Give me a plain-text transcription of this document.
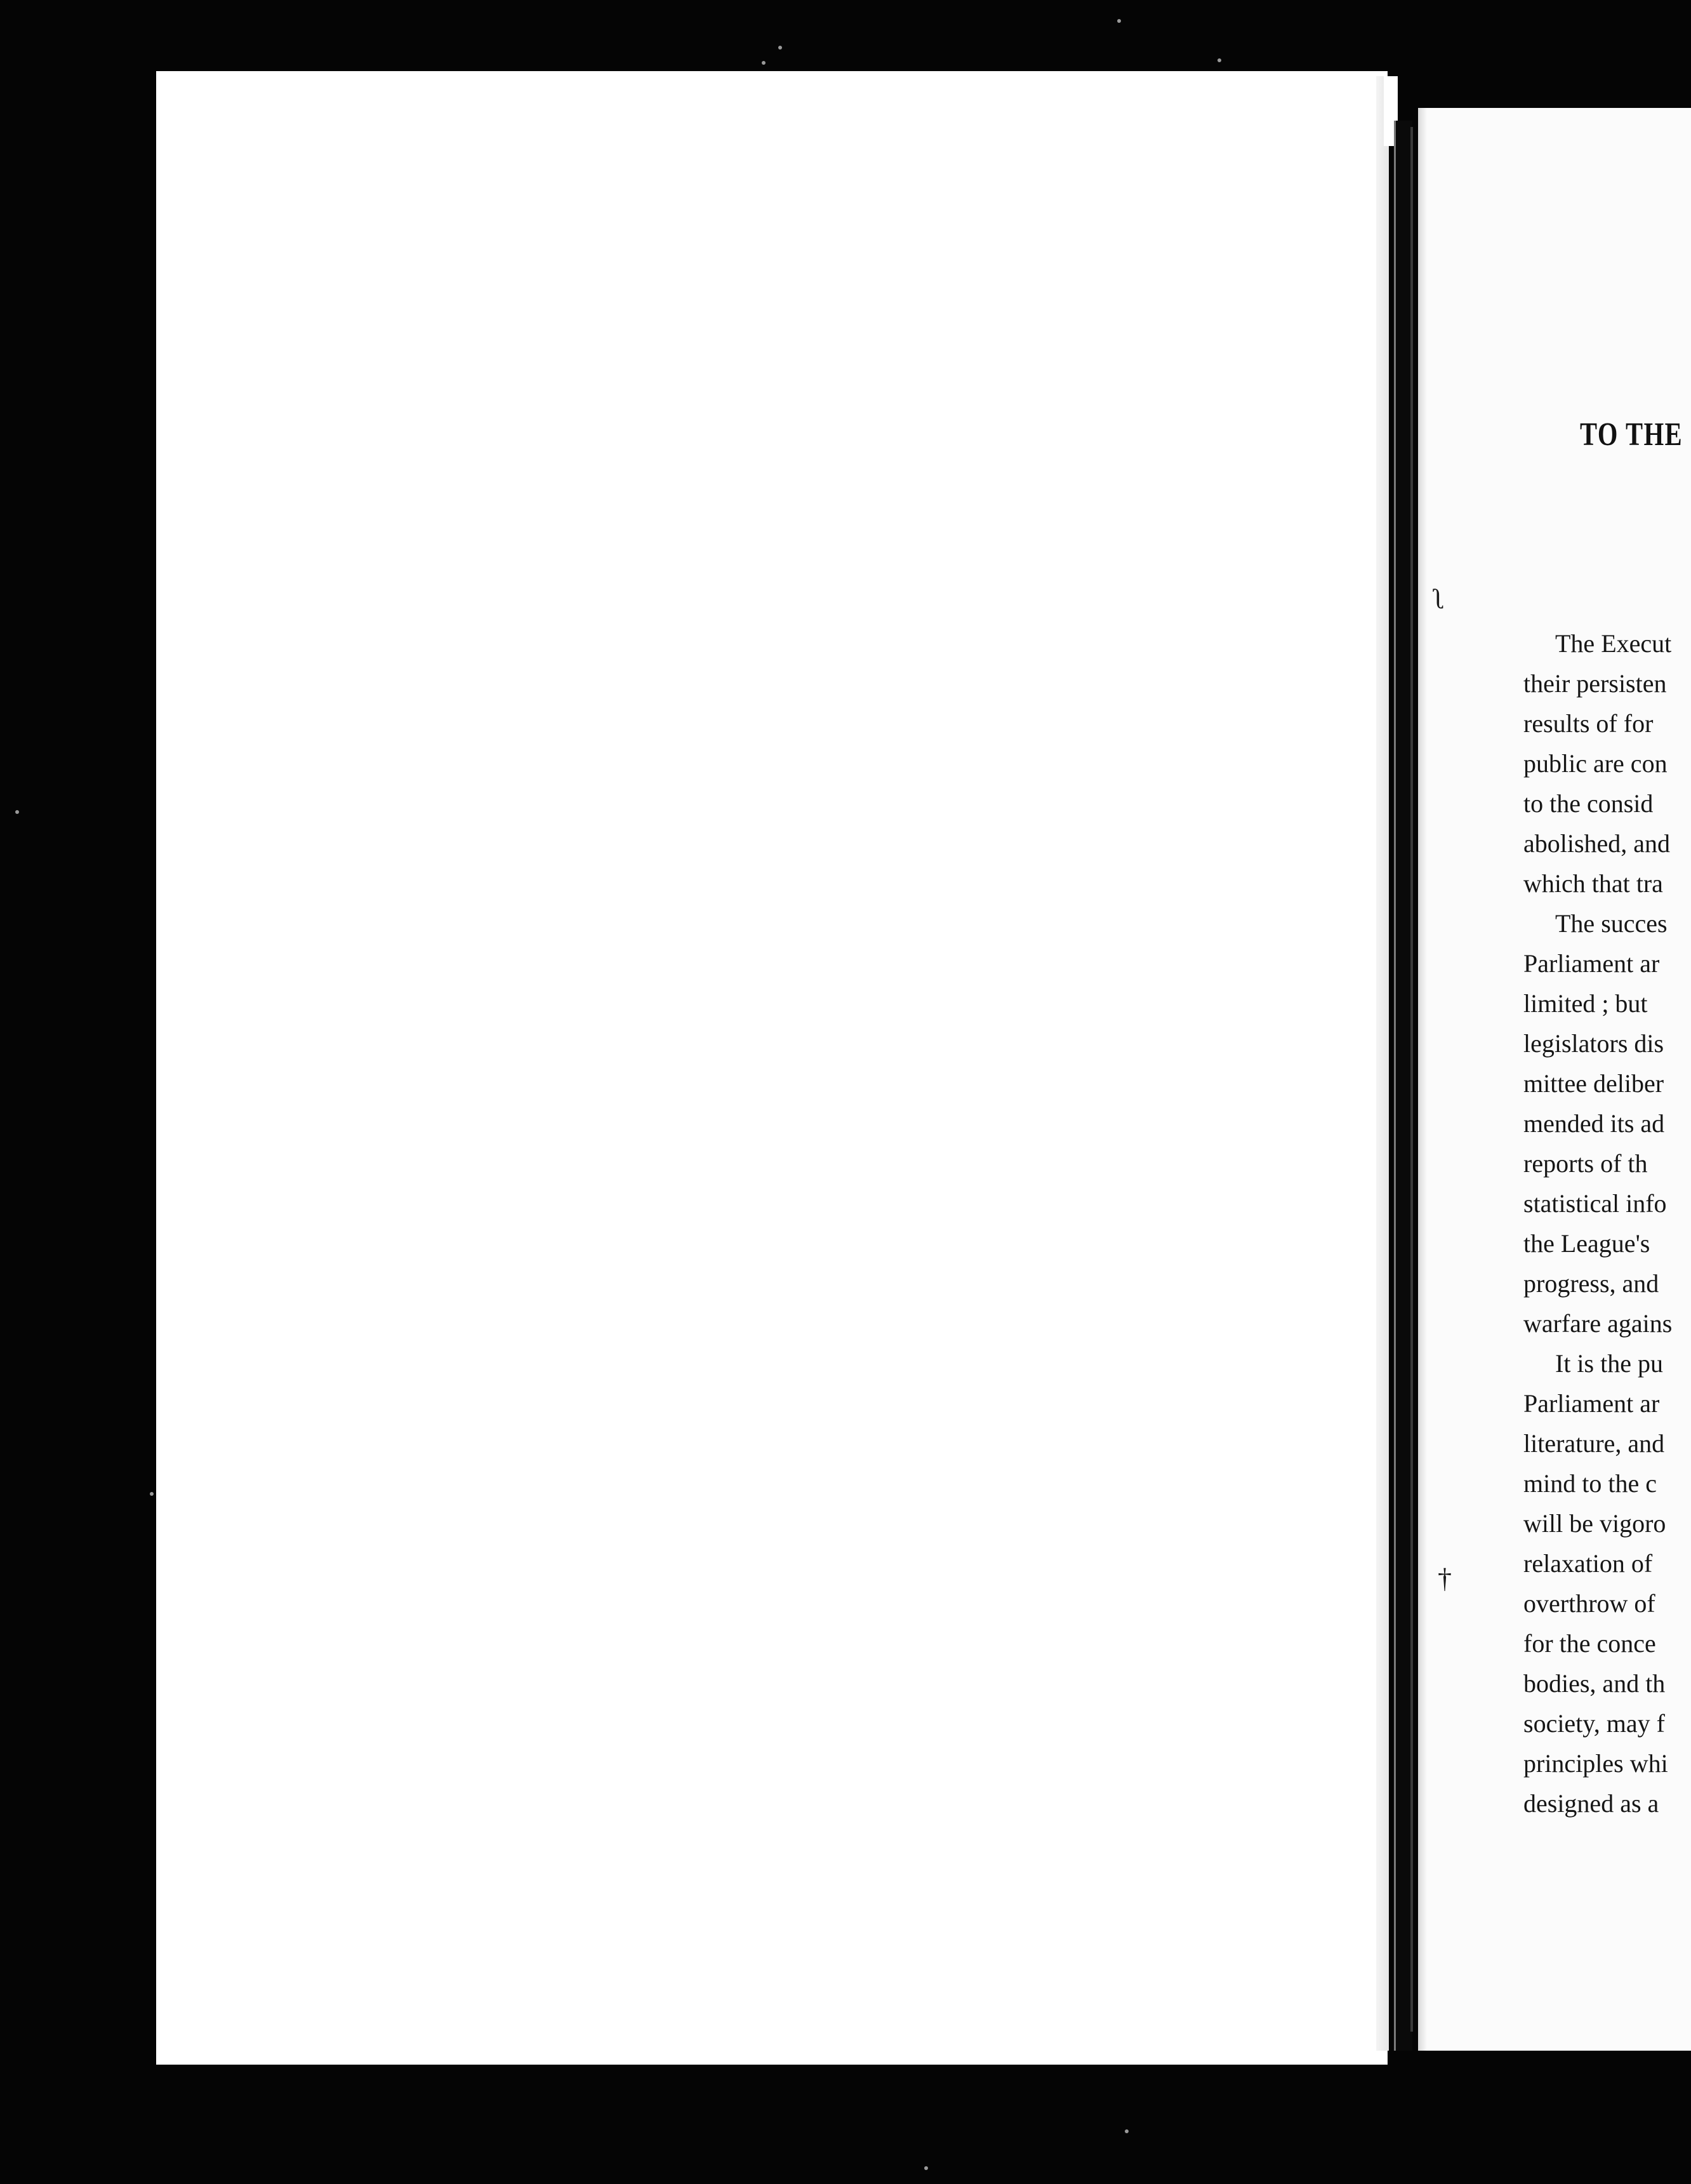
TO THE
The Execut
their persisten
results of for
public are con
to the consid
abolished, and
which that tra
The succes
Parliament ar
limited ; but
legislators dis
mittee deliber
mended its ad
reports of th
statistical info
the League's
progress, and
warfare agains
It is the pu
Parliament ar
literature, and
mind to the c
will be vigoro
relaxation of
overthrow of
for the conce
bodies, and th
society, may f
principles whi
designed as a
ʅ
†
